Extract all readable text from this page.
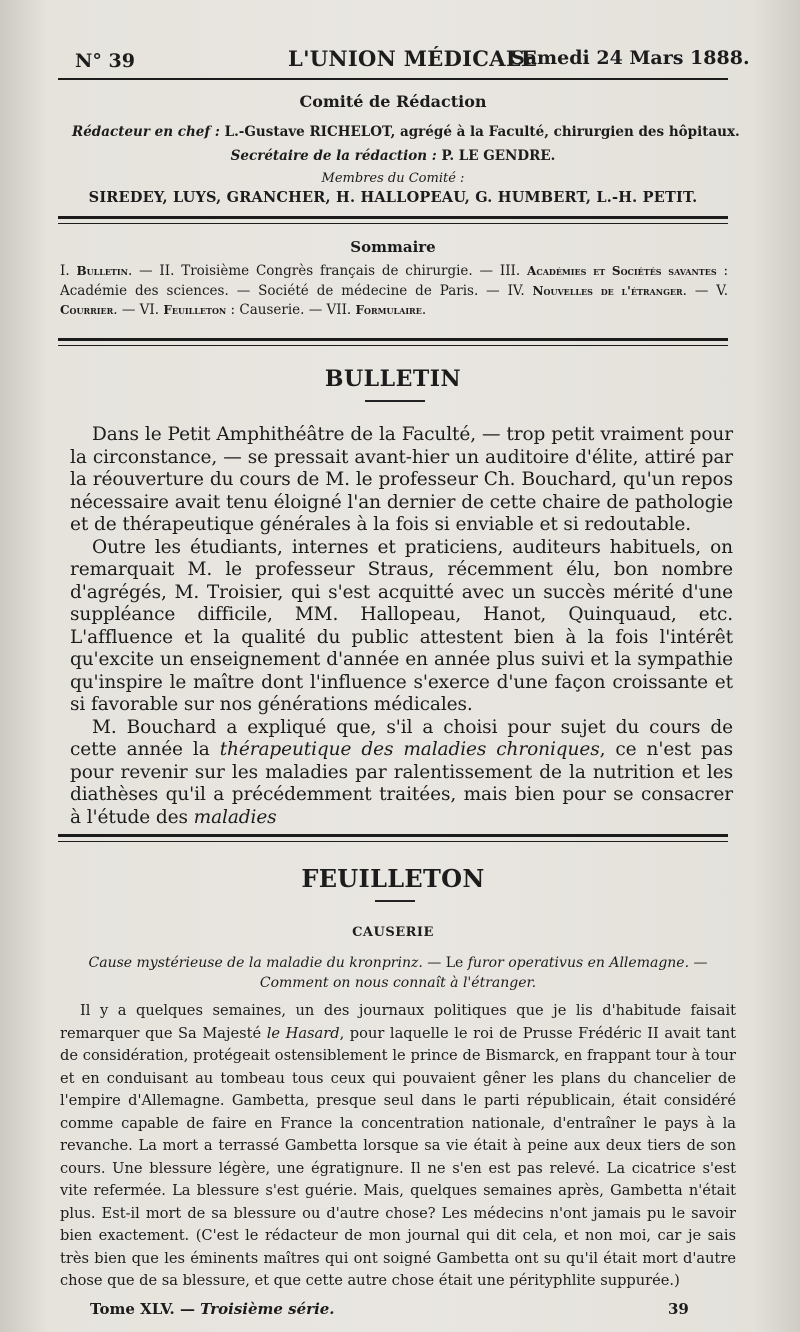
N° 39	L'UNION MÉDICALE
Samedi 24 Mars 1888.
Comité de Rédaction
Rédacteur en chef : L.-Gustave RICHELOT, agrégé à la Faculté, chirurgien des hôpitaux.
Secrétaire de la rédaction : P. LE GENDRE.
Membres du Comité :
SIREDEY, LUYS, GRANCHER, H. HALLOPEAU, G. HUMBERT, L.-H. PETIT.
Sommaire
I. Bulletin. — II. Troisième Congrès français de chirurgie. — III. Académies et Sociétés savantes : Académie des sciences. — Société de médecine de Paris. — IV. Nouvelles de l'étranger. — V. Courrier. — VI. Feuilleton : Causerie. — VII. Formulaire.
BULLETIN

Dans le Petit Amphithéâtre de la Faculté, — trop petit vraiment pour la circonstance, — se pressait avant-hier un auditoire d'élite, attiré par la réouverture du cours de M. le professeur Ch. Bouchard, qu'un repos nécessaire avait tenu éloigné l'an dernier de cette chaire de pathologie et de thérapeutique générales à la fois si enviable et si redoutable.

Outre les étudiants, internes et praticiens, auditeurs habituels, on remarquait M. le professeur Straus, récemment élu, bon nombre d'agrégés, M. Troisier, qui s'est acquitté avec un succès mérité d'une suppléance difficile, MM. Hallopeau, Hanot, Quinquaud, etc. L'affluence et la qualité du public attestent bien à la fois l'intérêt qu'excite un enseignement d'année en année plus suivi et la sympathie qu'inspire le maître dont l'influence s'exerce d'une façon croissante et si favorable sur nos générations médicales.

M. Bouchard a expliqué que, s'il a choisi pour sujet du cours de cette année la thérapeutique des maladies chroniques, ce n'est pas pour revenir sur les maladies par ralentissement de la nutrition et les diathèses qu'il a précédemment traitées, mais bien pour se consacrer à l'étude des maladies

FEUILLETON
CAUSERIE
Cause mystérieuse de la maladie du kronprinz. — Le furor operativus en Allemagne. — Comment on nous connaît à l'étranger.

Il y a quelques semaines, un des journaux politiques que je lis d'habitude faisait remarquer que Sa Majesté le Hasard, pour laquelle le roi de Prusse Frédéric II avait tant de considération, protégeait ostensiblement le prince de Bismarck, en frappant tour à tour et en conduisant au tombeau tous ceux qui pouvaient gêner les plans du chancelier de l'empire d'Allemagne. Gambetta, presque seul dans le parti républicain, était considéré comme capable de faire en France la concentration nationale, d'entraîner le pays à la revanche. La mort a terrassé Gambetta lorsque sa vie était à peine aux deux tiers de son cours. Une blessure légère, une égratignure. Il ne s'en est pas relevé. La cicatrice s'est vite refermée. La blessure s'est guérie. Mais, quelques semaines après, Gambetta n'était plus. Est-il mort de sa blessure ou d'autre chose? Les médecins n'ont jamais pu le savoir bien exactement. (C'est le rédacteur de mon journal qui dit cela, et non moi, car je sais très bien que les éminents maîtres qui ont soigné Gambetta ont su qu'il était mort d'autre chose que de sa blessure, et que cette autre chose était une pérityphlite suppurée.)

Tome XLV. — Troisième série.	39
